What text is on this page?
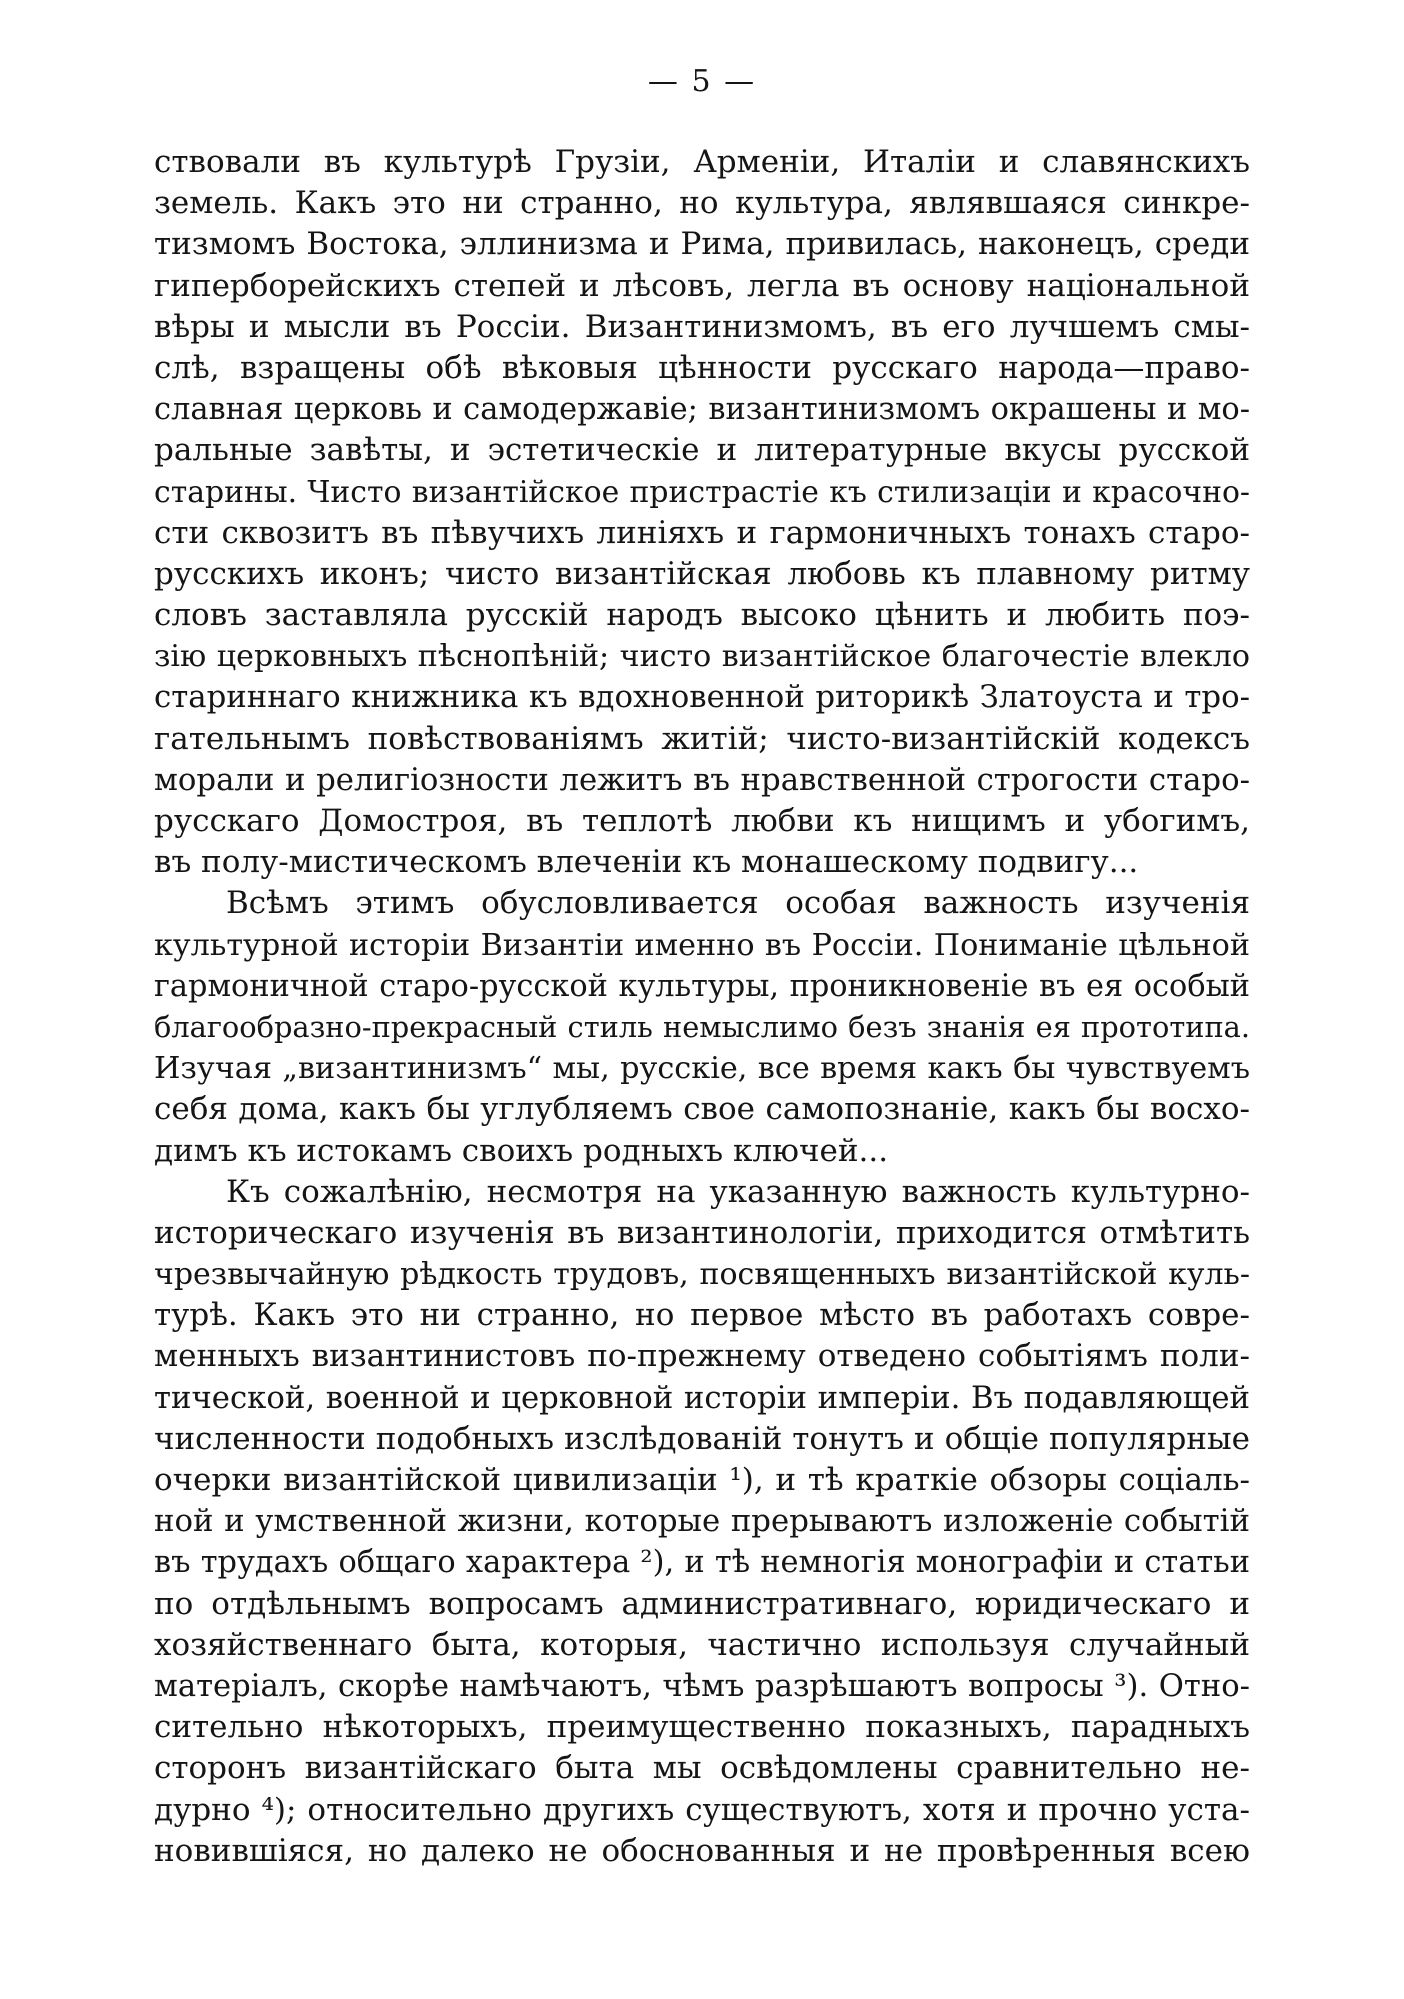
— 5 —
ствовали въ культурѣ Грузіи, Арменіи, Италіи и славянскихъ
земель. Какъ это ни странно, но культура, являвшаяся синкре-
тизмомъ Востока, эллинизма и Рима, привилась, наконецъ, среди
гиперборейскихъ степей и лѣсовъ, легла въ основу національной
вѣры и мысли въ Россіи. Византинизмомъ, въ его лучшемъ смы-
слѣ, взращены обѣ вѣковыя цѣнности русскаго народа—право-
славная церковь и самодержавіе; византинизмомъ окрашены и мо-
ральные завѣты, и эстетическіе и литературные вкусы русской
старины. Чисто византійское пристрастіе къ стилизаціи и красочно-
сти сквозитъ въ пѣвучихъ линіяхъ и гармоничныхъ тонахъ старо-
русскихъ иконъ; чисто византійская любовь къ плавному ритму
словъ заставляла русскій народъ высоко цѣнить и любить поэ-
зію церковныхъ пѣснопѣній; чисто византійское благочестіе влекло
стариннаго книжника къ вдохновенной риторикѣ Златоуста и тро-
гательнымъ повѣствованіямъ житій; чисто-византійскій кодексъ
морали и религіозности лежитъ въ нравственной строгости старо-
русскаго Домостроя, въ теплотѣ любви къ нищимъ и убогимъ,
въ полу-мистическомъ влеченіи къ монашескому подвигу...
Всѣмъ этимъ обусловливается особая важность изученія
культурной исторіи Византіи именно въ Россіи. Пониманіе цѣльной
гармоничной старо-русской культуры, проникновеніе въ ея особый
благообразно-прекрасный стиль немыслимо безъ знанія ея прототипа.
Изучая „византинизмъ“ мы, русскіе, все время какъ бы чувствуемъ
себя дома, какъ бы углубляемъ свое самопознаніе, какъ бы восхо-
димъ къ истокамъ своихъ родныхъ ключей...
Къ сожалѣнію, несмотря на указанную важность культурно-
историческаго изученія въ византинологіи, приходится отмѣтить
чрезвычайную рѣдкость трудовъ, посвященныхъ византійской куль-
турѣ. Какъ это ни странно, но первое мѣсто въ работахъ совре-
менныхъ византинистовъ по-прежнему отведено событіямъ поли-
тической, военной и церковной исторіи имперіи. Въ подавляющей
численности подобныхъ изслѣдованій тонутъ и общіе популярные
очерки византійской цивилизаціи ¹), и тѣ краткіе обзоры соціаль-
ной и умственной жизни, которые прерываютъ изложеніе событій
въ трудахъ общаго характера ²), и тѣ немногія монографіи и статьи
по отдѣльнымъ вопросамъ административнаго, юридическаго и
хозяйственнаго быта, которыя, частично используя случайный
матеріалъ, скорѣе намѣчаютъ, чѣмъ разрѣшаютъ вопросы ³). Отно-
сительно нѣкоторыхъ, преимущественно показныхъ, парадныхъ
сторонъ византійскаго быта мы освѣдомлены сравнительно не-
дурно ⁴); относительно другихъ существуютъ, хотя и прочно уста-
новившіяся, но далеко не обоснованныя и не провѣренныя всею
